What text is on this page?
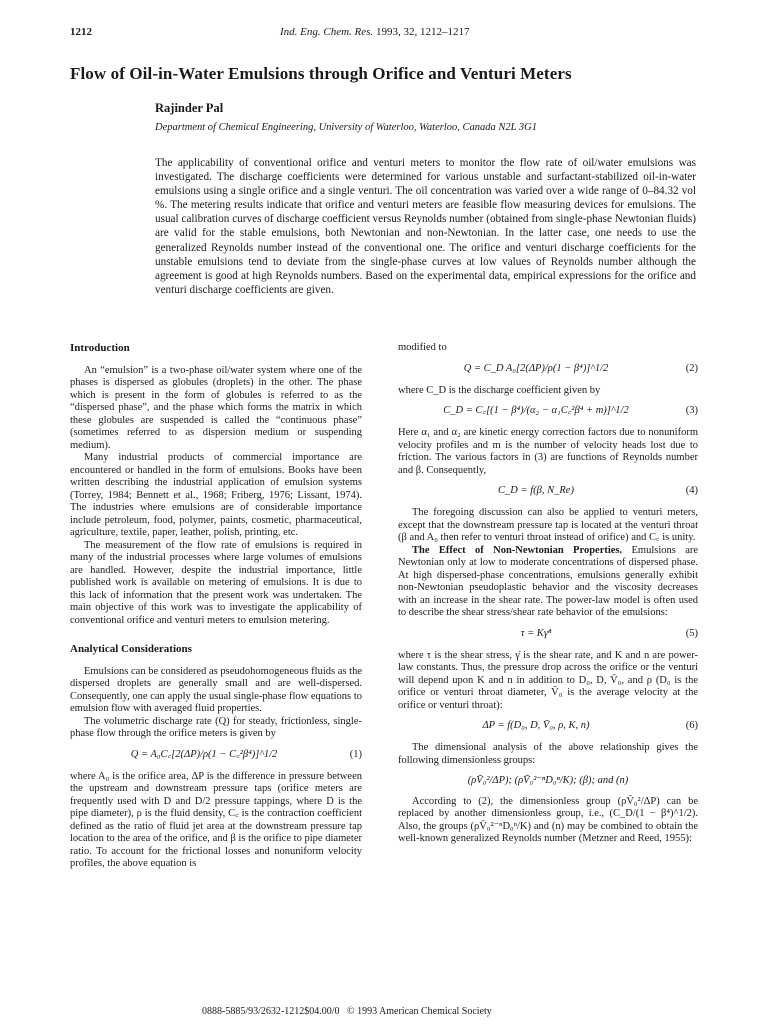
1212	Ind. Eng. Chem. Res. 1993, 32, 1212–1217
Flow of Oil-in-Water Emulsions through Orifice and Venturi Meters
Rajinder Pal
Department of Chemical Engineering, University of Waterloo, Waterloo, Canada N2L 3G1

The applicability of conventional orifice and venturi meters to monitor the flow rate of oil/water emulsions was investigated. The discharge coefficients were determined for various unstable and surfactant-stabilized oil-in-water emulsions using a single orifice and a single venturi. The oil concentration was varied over a wide range of 0–84.32 vol %. The metering results indicate that orifice and venturi meters are feasible flow measuring devices for emulsions. The usual calibration curves of discharge coefficient versus Reynolds number (obtained from single-phase Newtonian fluids) are valid for the stable emulsions, both Newtonian and non-Newtonian. In the latter case, one needs to use the generalized Reynolds number instead of the conventional one. The orifice and venturi discharge coefficients for the unstable emulsions tend to deviate from the single-phase curves at low values of Reynolds number although the agreement is good at high Reynolds numbers. Based on the experimental data, empirical expressions for the orifice and venturi discharge coefficients are given.

Introduction

An “emulsion” is a two-phase oil/water system where one of the phases is dispersed as globules (droplets) in the other. The phase which is present in the form of globules is referred to as the “dispersed phase”, and the phase which forms the matrix in which these globules are suspended is called the “continuous phase” (sometimes referred to as dispersion medium or suspending medium).

Many industrial products of commercial importance are encountered or handled in the form of emulsions. Books have been written describing the industrial application of emulsion systems (Torrey, 1984; Bennett et al., 1968; Friberg, 1976; Lissant, 1974). The industries where emulsions are of considerable importance include petroleum, food, polymer, paints, cosmetic, pharmaceutical, agriculture, textile, paper, leather, polish, printing, etc.

The measurement of the flow rate of emulsions is required in many of the industrial processes where large volumes of emulsions are handled. However, despite the industrial importance, little published work is available on metering of emulsions. It is due to this lack of information that the present work was undertaken. The main objective of this work was to investigate the applicability of conventional orifice and venturi meters to emulsion metering.

Analytical Considerations

Emulsions can be considered as pseudohomogeneous fluids as the dispersed droplets are generally small and are well-dispersed. Consequently, one can apply the usual single-phase flow equations to emulsion flow with averaged fluid properties.

The volumetric discharge rate (Q) for steady, frictionless, single-phase flow through the orifice meters is given by

Q = A₀C꜀[2(ΔP)/ρ(1 − C꜀²β⁴)]^1/2	(1)

where A₀ is the orifice area, ΔP is the difference in pressure between the upstream and downstream pressure taps (orifice meters are frequently used with D and D/2 pressure tappings, where D is the pipe diameter), ρ is the fluid density, C꜀ is the contraction coefficient defined as the ratio of fluid jet area at the downstream pressure tap location to the area of the orifice, and β is the orifice to pipe diameter ratio. To account for the frictional losses and nonuniform velocity profiles, the above equation is

modified to

Q = C_D A₀[2(ΔP)/ρ(1 − β⁴)]^1/2	(2)

where C_D is the discharge coefficient given by

C_D = C꜀[(1 − β⁴)/(α₂ − α₁C꜀²β⁴ + m)]^1/2	(3)

Here α₁ and α₂ are kinetic energy correction factors due to nonuniform velocity profiles and m is the number of velocity heads lost due to friction. The various factors in (3) are functions of Reynolds number and β. Consequently,

C_D = f(β, N_Re)	(4)

The foregoing discussion can also be applied to venturi meters, except that the downstream pressure tap is located at the venturi throat (β and A₀ then refer to venturi throat instead of orifice) and C꜀ is unity.

The Effect of Non-Newtonian Properties. Emulsions are Newtonian only at low to moderate concentrations of dispersed phase. At high dispersed-phase concentrations, emulsions generally exhibit non-Newtonian pseudoplastic behavior and the viscosity decreases with an increase in the shear rate. The power-law model is often used to describe the shear stress/shear rate behavior of the emulsions:

τ = Kγ̇ⁿ	(5)

where τ is the shear stress, γ̇ is the shear rate, and K and n are power-law constants. Thus, the pressure drop across the orifice or the venturi will depend upon K and n in addition to D₀, D, V̄₀, and ρ (D₀ is the orifice or venturi throat diameter, V̄₀ is the average velocity at the orifice or venturi throat):

ΔP = f(D₀, D, V̄₀, ρ, K, n)	(6)

The dimensional analysis of the above relationship gives the following dimensionless groups:

(ρV̄₀²/ΔP); (ρV̄₀²⁻ⁿD₀ⁿ/K); (β); and (n)

According to (2), the dimensionless group (ρV̄₀²/ΔP) can be replaced by another dimensionless group, i.e., (C_D/(1 − β⁴)^1/2). Also, the groups (ρV̄₀²⁻ⁿD₀ⁿ/K) and (n) may be combined to obtain the well-known generalized Reynolds number (Metzner and Reed, 1955):

0888-5885/93/2632-1212$04.00/0 © 1993 American Chemical Society
